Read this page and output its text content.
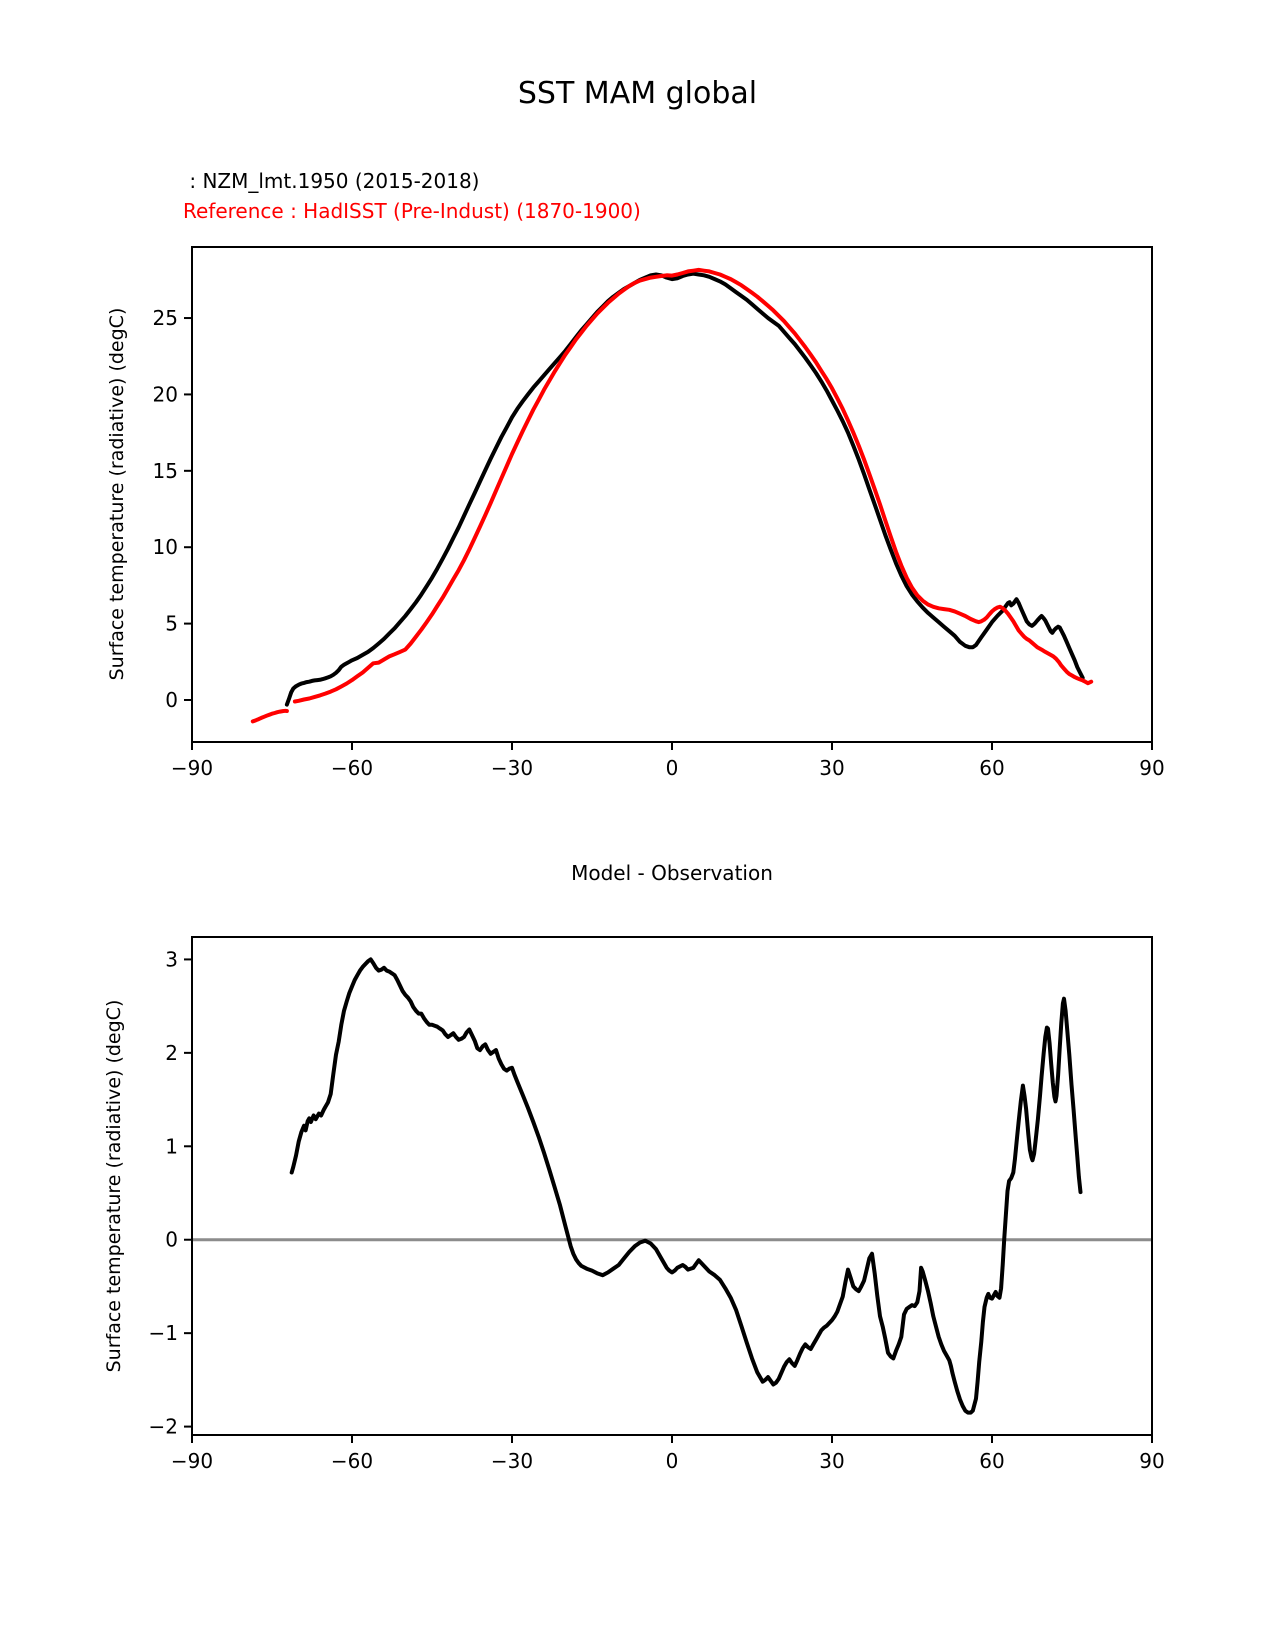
SST MAM global
: NZM_lmt.1950 (2015-2018)
Reference : HadISST (Pre-Indust) (1870-1900)
Surface temperature (radiative) (degC)
−90	−60	−30	0	30	60	90
0
5
10
15
20
25
Model - Observation
Surface temperature (radiative) (degC)
−90	−60	−30	0	30	60	90
−2
−1
0
1
2
3
